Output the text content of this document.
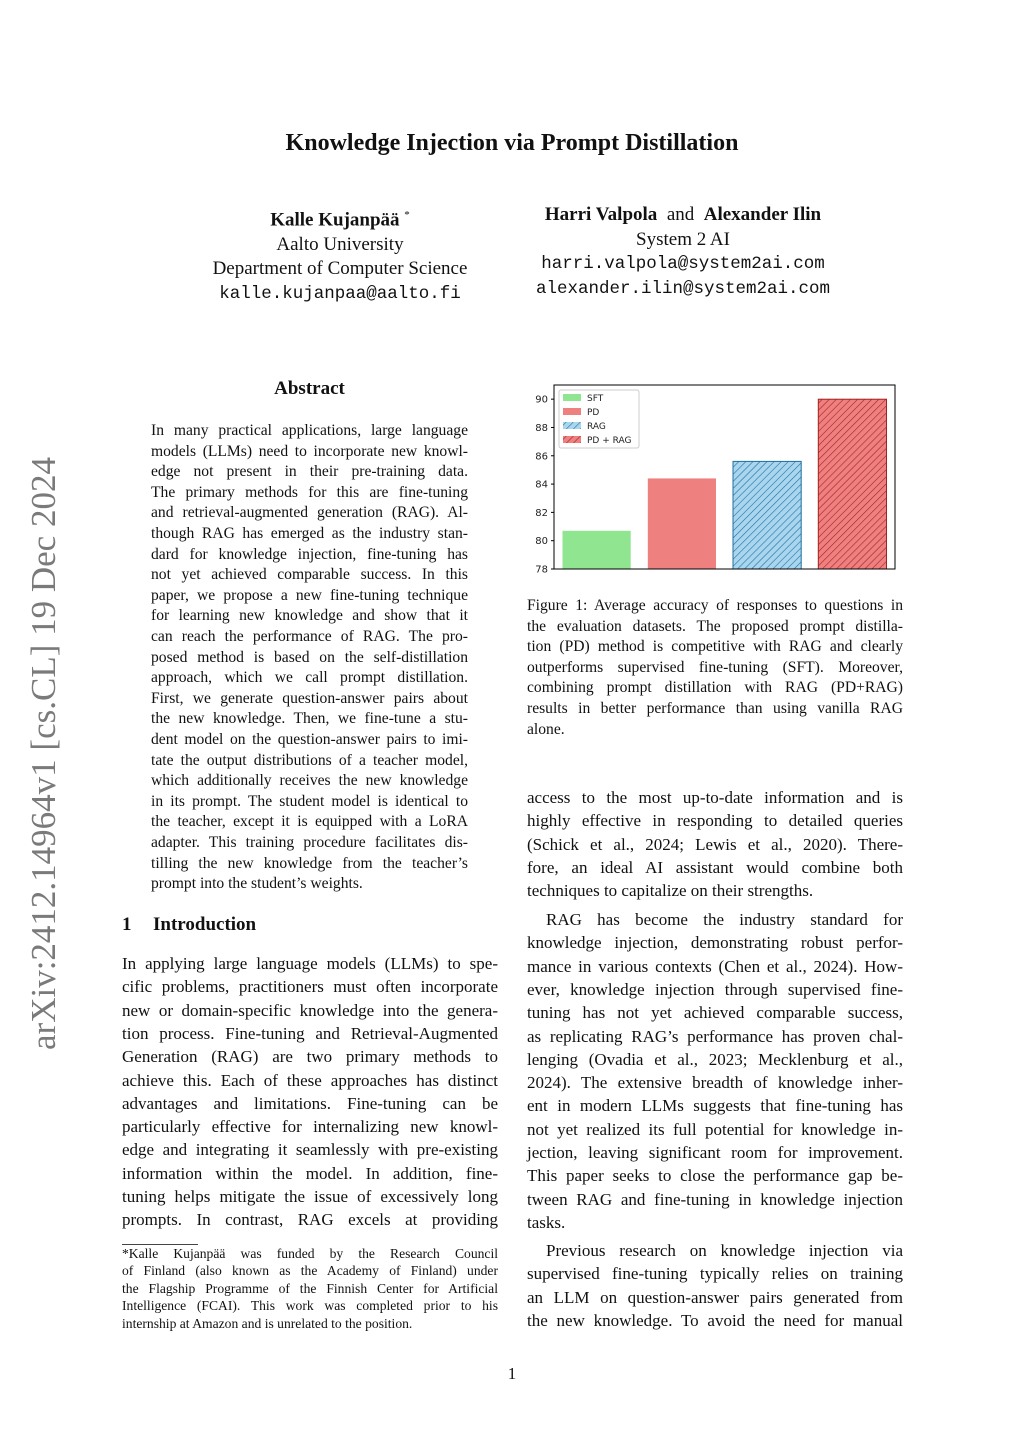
arXiv:2412.14964v1 [cs.CL] 19 Dec 2024
Knowledge Injection via Prompt Distillation
Kalle Kujanpää *
Aalto University
Department of Computer Science
kalle.kujanpaa@aalto.fi
Harri Valpola and Alexander Ilin
System 2 AI
harri.valpola@system2ai.com
alexander.ilin@system2ai.com
Abstract
In many practical applications, large language
models (LLMs) need to incorporate new knowl-
edge not present in their pre-training data.
The primary methods for this are fine-tuning
and retrieval-augmented generation (RAG). Al-
though RAG has emerged as the industry stan-
dard for knowledge injection, fine-tuning has
not yet achieved comparable success. In this
paper, we propose a new fine-tuning technique
for learning new knowledge and show that it
can reach the performance of RAG. The pro-
posed method is based on the self-distillation
approach, which we call prompt distillation.
First, we generate question-answer pairs about
the new knowledge. Then, we fine-tune a stu-
dent model on the question-answer pairs to imi-
tate the output distributions of a teacher model,
which additionally receives the new knowledge
in its prompt. The student model is identical to
the teacher, except it is equipped with a LoRA
adapter. This training procedure facilitates dis-
tilling the new knowledge from the teacher’s
prompt into the student’s weights.
1 Introduction
In applying large language models (LLMs) to spe-
cific problems, practitioners must often incorporate
new or domain-specific knowledge into the genera-
tion process. Fine-tuning and Retrieval-Augmented
Generation (RAG) are two primary methods to
achieve this. Each of these approaches has distinct
advantages and limitations. Fine-tuning can be
particularly effective for internalizing new knowl-
edge and integrating it seamlessly with pre-existing
information within the model. In addition, fine-
tuning helps mitigate the issue of excessively long
prompts. In contrast, RAG excels at providing
*Kalle Kujanpää was funded by the Research Council
of Finland (also known as the Academy of Finland) under
the Flagship Programme of the Finnish Center for Artificial
Intelligence (FCAI). This work was completed prior to his
internship at Amazon and is unrelated to the position.
78
80
82
84
86
88
90	SFT
PD
RAG
PD + RAG
Figure 1: Average accuracy of responses to questions in
the evaluation datasets. The proposed prompt distilla-
tion (PD) method is competitive with RAG and clearly
outperforms supervised fine-tuning (SFT). Moreover,
combining prompt distillation with RAG (PD+RAG)
results in better performance than using vanilla RAG
alone.
access to the most up-to-date information and is
highly effective in responding to detailed queries
(Schick et al., 2024; Lewis et al., 2020). There-
fore, an ideal AI assistant would combine both
techniques to capitalize on their strengths.
RAG has become the industry standard for
knowledge injection, demonstrating robust perfor-
mance in various contexts (Chen et al., 2024). How-
ever, knowledge injection through supervised fine-
tuning has not yet achieved comparable success,
as replicating RAG’s performance has proven chal-
lenging (Ovadia et al., 2023; Mecklenburg et al.,
2024). The extensive breadth of knowledge inher-
ent in modern LLMs suggests that fine-tuning has
not yet realized its full potential for knowledge in-
jection, leaving significant room for improvement.
This paper seeks to close the performance gap be-
tween RAG and fine-tuning in knowledge injection
tasks.
Previous research on knowledge injection via
supervised fine-tuning typically relies on training
an LLM on question-answer pairs generated from
the new knowledge. To avoid the need for manual
1
